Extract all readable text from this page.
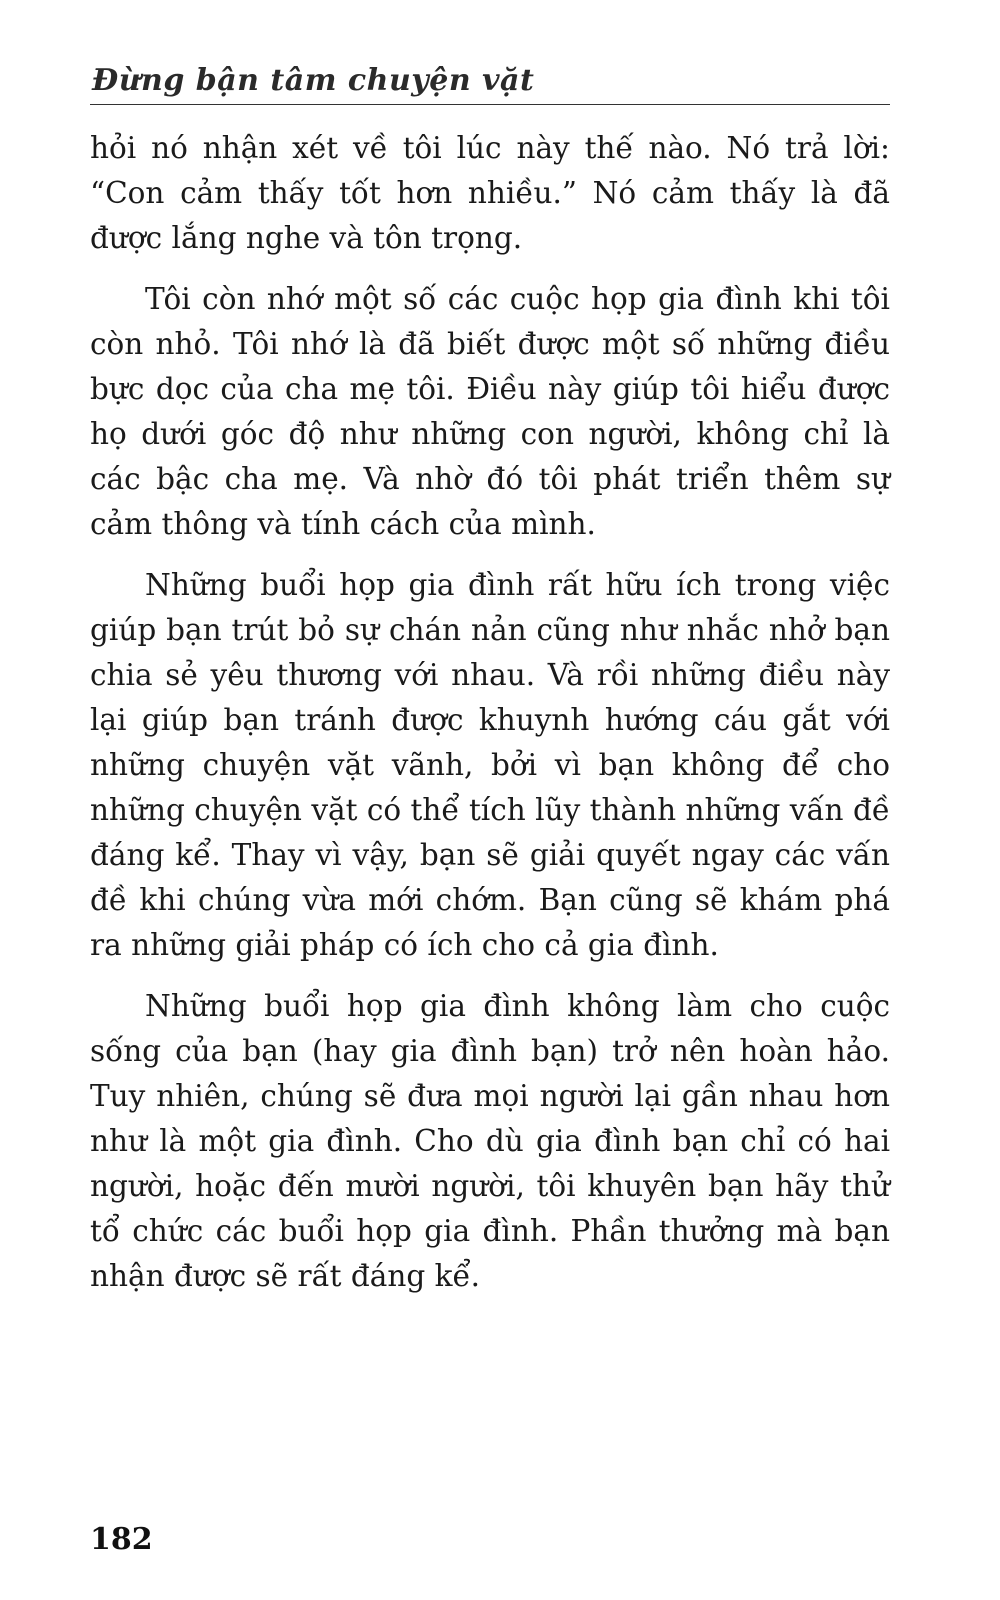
Đừng bận tâm chuyện vặt

hỏi nó nhận xét về tôi lúc này thế nào. Nó trả lời: “Con cảm thấy tốt hơn nhiều.” Nó cảm thấy là đã được lắng nghe và tôn trọng.

Tôi còn nhớ một số các cuộc họp gia đình khi tôi còn nhỏ. Tôi nhớ là đã biết được một số những điều bực dọc của cha mẹ tôi. Điều này giúp tôi hiểu được họ dưới góc độ như những con người, không chỉ là các bậc cha mẹ. Và nhờ đó tôi phát triển thêm sự cảm thông và tính cách của mình.

Những buổi họp gia đình rất hữu ích trong việc giúp bạn trút bỏ sự chán nản cũng như nhắc nhở bạn chia sẻ yêu thương với nhau. Và rồi những điều này lại giúp bạn tránh được khuynh hướng cáu gắt với những chuyện vặt vãnh, bởi vì bạn không để cho những chuyện vặt có thể tích lũy thành những vấn đề đáng kể. Thay vì vậy, bạn sẽ giải quyết ngay các vấn đề khi chúng vừa mới chớm. Bạn cũng sẽ khám phá ra những giải pháp có ích cho cả gia đình.

Những buổi họp gia đình không làm cho cuộc sống của bạn (hay gia đình bạn) trở nên hoàn hảo. Tuy nhiên, chúng sẽ đưa mọi người lại gần nhau hơn như là một gia đình. Cho dù gia đình bạn chỉ có hai người, hoặc đến mười người, tôi khuyên bạn hãy thử tổ chức các buổi họp gia đình. Phần thưởng mà bạn nhận được sẽ rất đáng kể.

182
